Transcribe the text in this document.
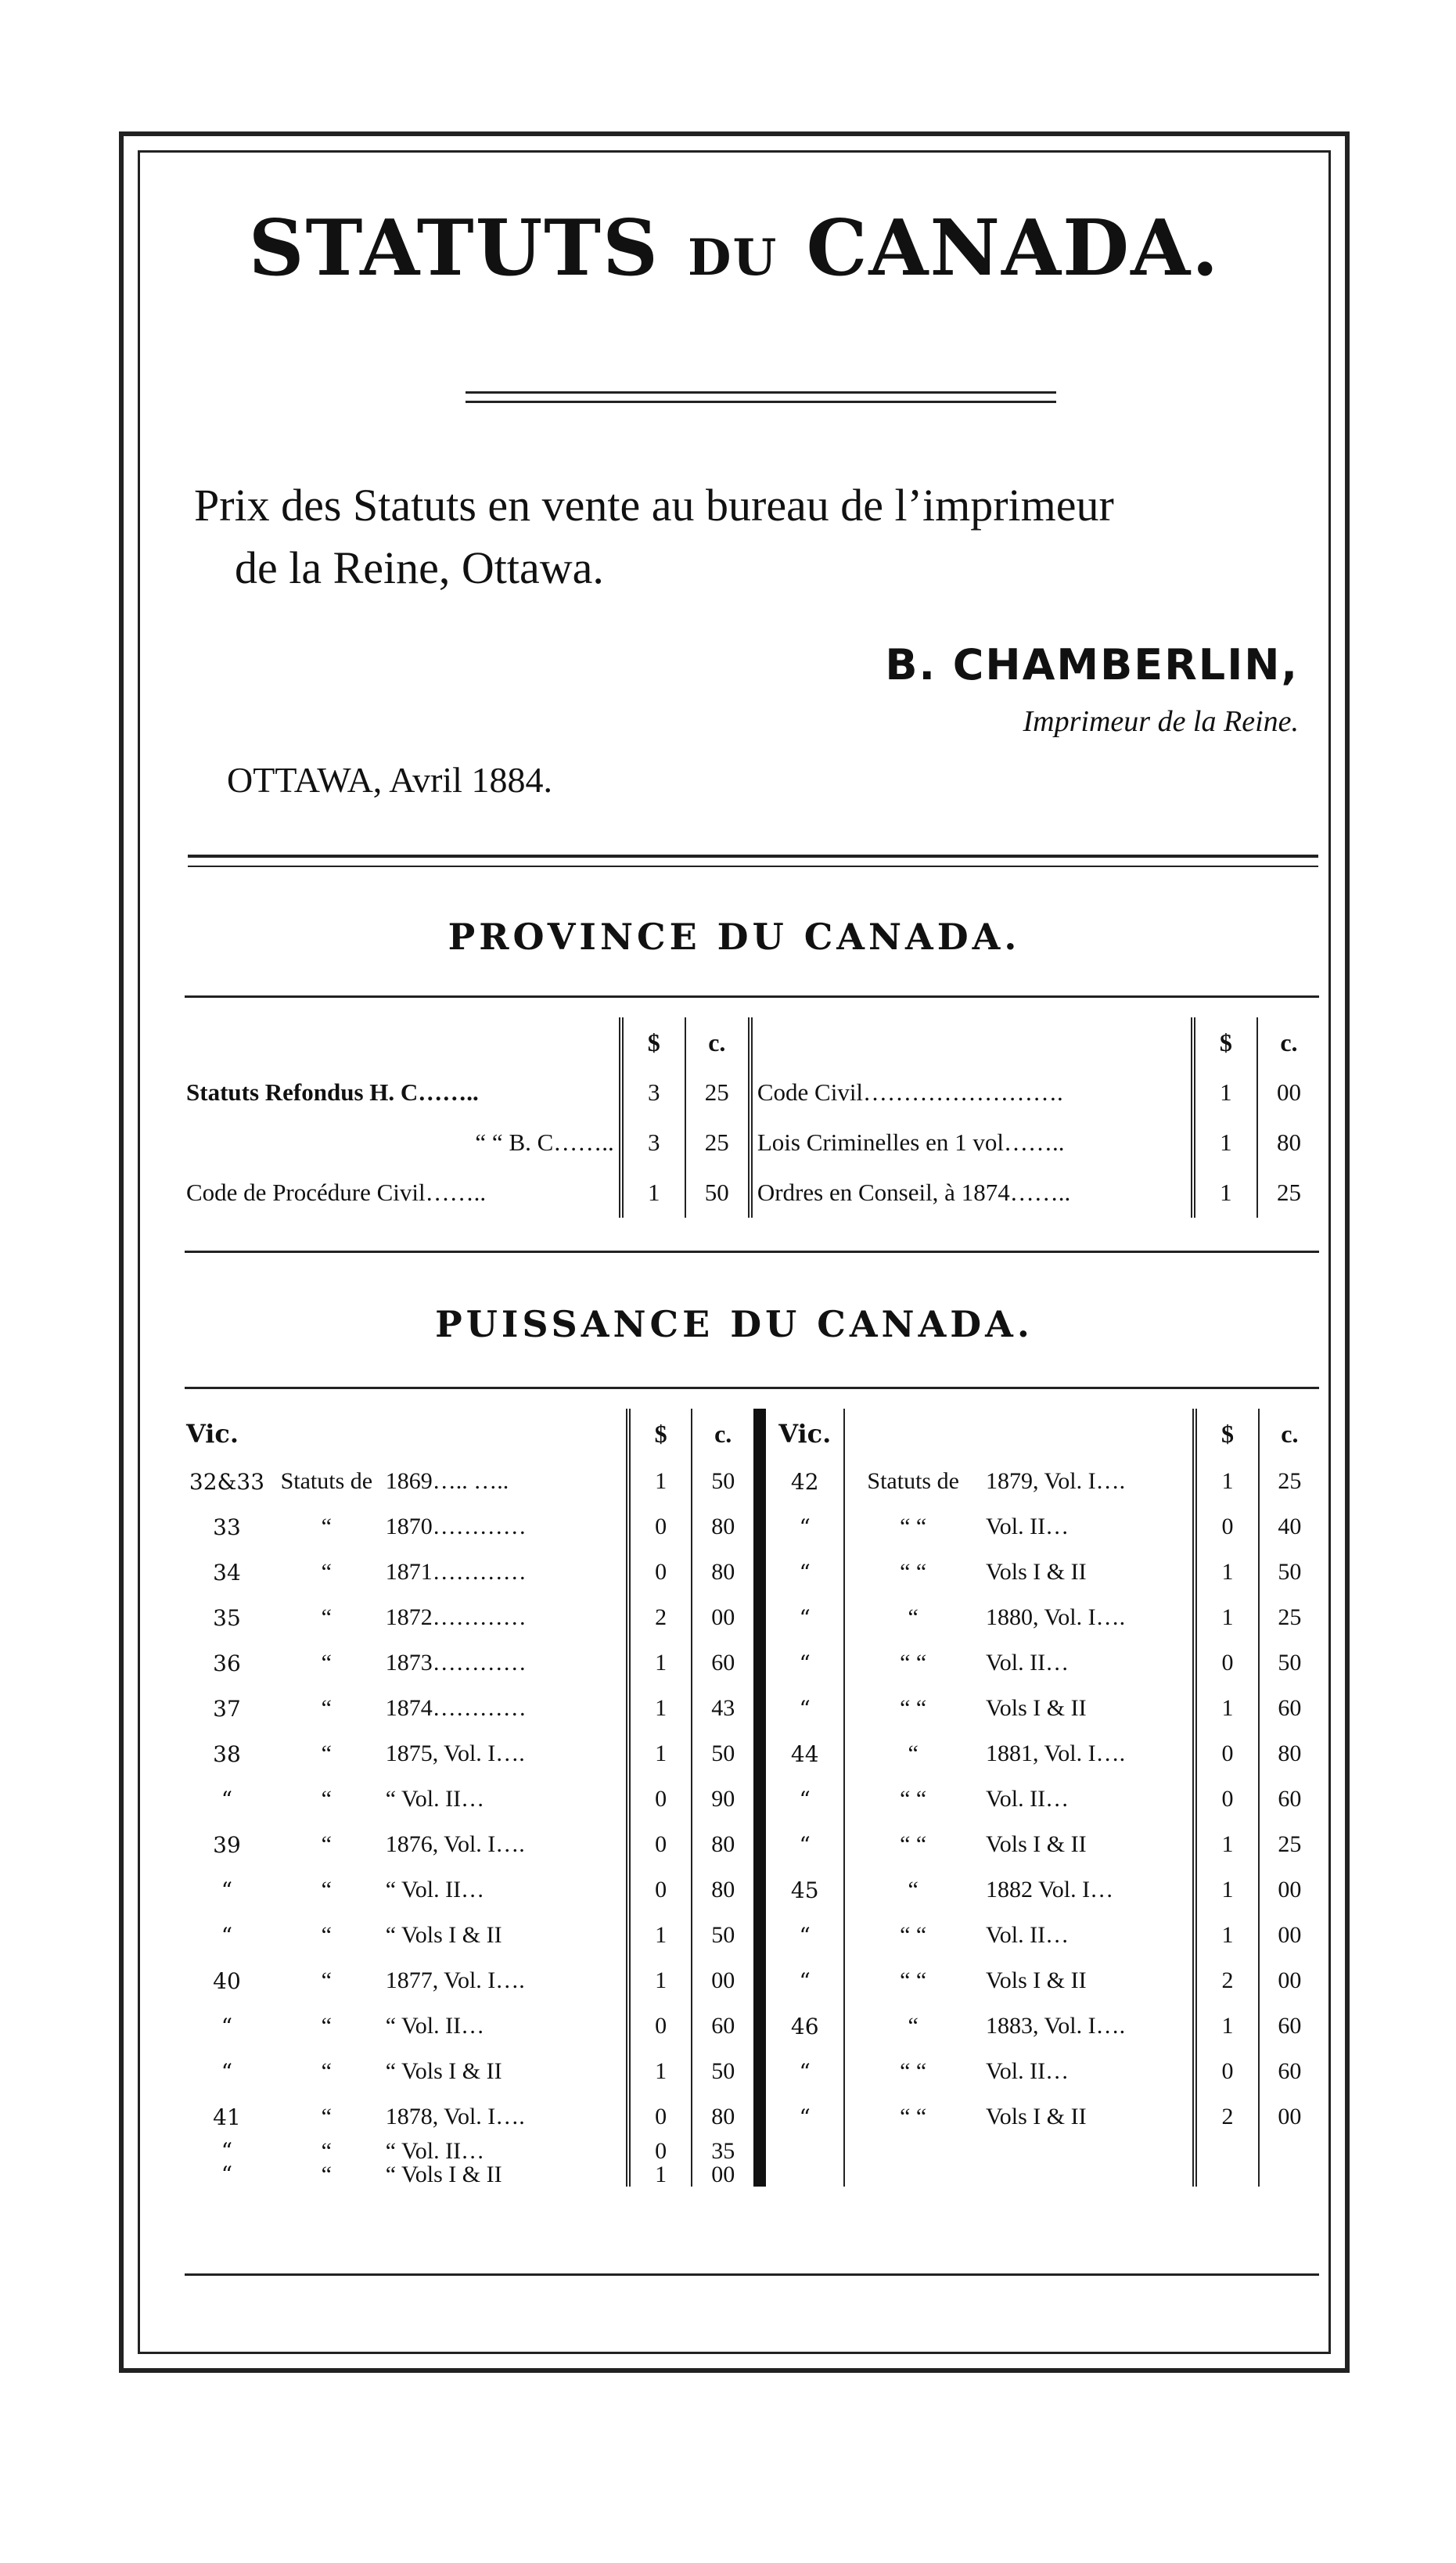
STATUTS DU CANADA.
Prix des Statuts en vente au bureau de l’imprimeur
de la Reine, Ottawa.
B. CHAMBERLIN,
Imprimeur de la Reine.
OTTAWA, Avril 1884.
PROVINCE DU CANADA.
	$	c.		$	c.
Statuts Refondus H. C……..	3	25	Code Civil…………………….	1	00
“ “ B. C……..	3	25	Lois Criminelles en 1 vol……..	1	80
Code de Procédure Civil……..	1	50	Ordres en Conseil, à 1874……..	1	25
PUISSANCE DU CANADA.
Vic.			$	c.	Vic.			$	c.
32&33	Statuts de	1869….. …..	1	50	42	Statuts de	1879, Vol. I….	1	25
33	“	1870…………	0	80	“	“ “	Vol. II…	0	40
34	“	1871…………	0	80	“	“ “	Vols I & II	1	50
35	“	1872…………	2	00	“	“	1880, Vol. I….	1	25
36	“	1873…………	1	60	“	“ “	Vol. II…	0	50
37	“	1874…………	1	43	“	“ “	Vols I & II	1	60
38	“	1875, Vol. I….	1	50	44	“	1881, Vol. I….	0	80
“	“	“ Vol. II…	0	90	“	“ “	Vol. II…	0	60
39	“	1876, Vol. I….	0	80	“	“ “	Vols I & II	1	25
“	“	“ Vol. II…	0	80	45	“	1882 Vol. I…	1	00
“	“	“ Vols I & II	1	50	“	“ “	Vol. II…	1	00
40	“	1877, Vol. I….	1	00	“	“ “	Vols I & II	2	00
“	“	“ Vol. II…	0	60	46	“	1883, Vol. I….	1	60
“	“	“ Vols I & II	1	50	“	“ “	Vol. II…	0	60
41	“	1878, Vol. I….	0	80	“	“ “	Vols I & II	2	00
“	“	“ Vol. II…	0	35					
“	“	“ Vols I & II	1	00					
